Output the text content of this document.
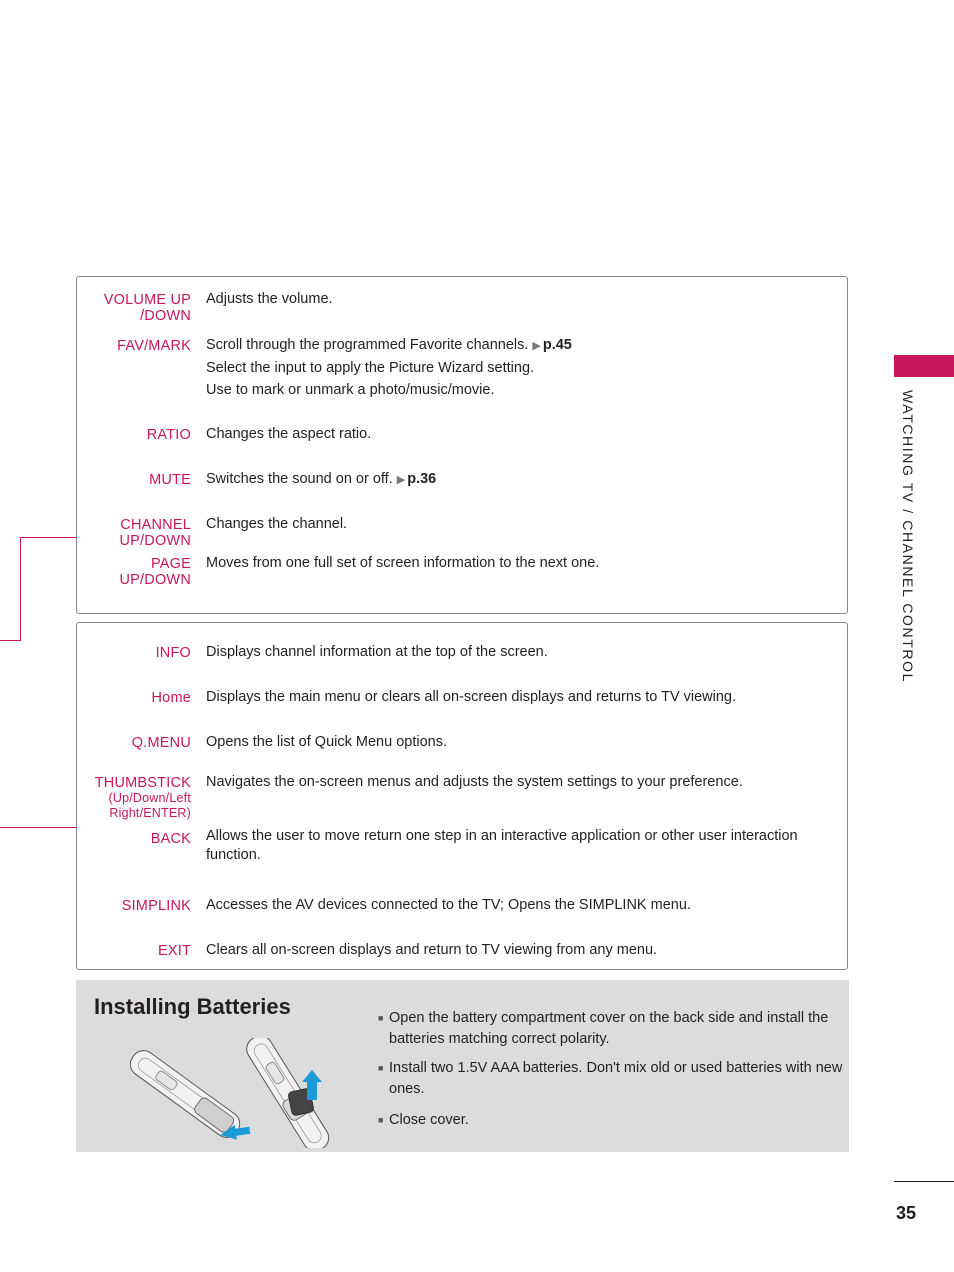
VOLUME UP
/DOWN
Adjusts the volume.
FAV/MARK Scroll through the programmed Favorite channels. ▶ p.45
Select the input to apply the Picture Wizard setting.
Use to mark or unmark a photo/music/movie.
RATIO Changes the aspect ratio.
MUTE Switches the sound on or off. ▶ p.36
CHANNEL
UP/DOWN
Changes the channel.
PAGE
UP/DOWN
Moves from one full set of screen information to the next one.
INFO Displays channel information at the top of the screen.
Home Displays the main menu or clears all on-screen displays and returns to TV viewing.
Q.MENU Opens the list of Quick Menu options.
THUMBSTICK
(Up/Down/Left
Right/ENTER)
Navigates the on-screen menus and adjusts the system settings to your preference.
BACK Allows the user to move return one step in an interactive application or other user interaction function.
SIMPLINK Accesses the AV devices connected to the TV; Opens the SIMPLINK menu.
EXIT Clears all on-screen displays and return to TV viewing from any menu.
WATCHING TV / CHANNEL CONTROL
Installing Batteries	■ Open the battery compartment cover on the back side and install the batteries matching correct polarity.
■ Install two 1.5V AAA batteries. Don't mix old or used batteries with new ones.
■ Close cover.
35
